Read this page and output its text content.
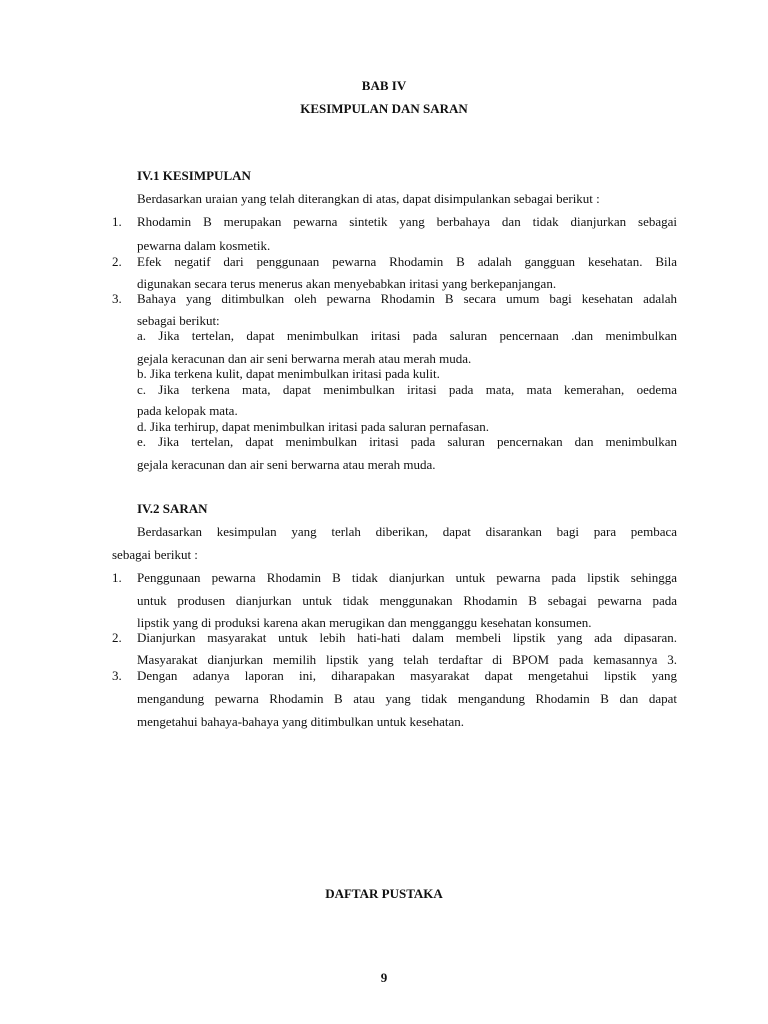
BAB IV
KESIMPULAN DAN SARAN
IV.1 KESIMPULAN
Berdasarkan uraian yang telah diterangkan di atas, dapat disimpulankan sebagai berikut :
1. Rhodamin B merupakan pewarna sintetik yang berbahaya dan tidak dianjurkan sebagai
pewarna dalam kosmetik.
2. Efek negatif dari penggunaan pewarna Rhodamin B adalah gangguan kesehatan. Bila
digunakan secara terus menerus akan menyebabkan iritasi yang berkepanjangan.
3. Bahaya yang ditimbulkan oleh pewarna Rhodamin B secara umum bagi kesehatan adalah
sebagai berikut:
a. Jika tertelan, dapat menimbulkan iritasi pada saluran pencernaan .dan menimbulkan
gejala keracunan dan air seni berwarna merah atau merah muda.
b. Jika terkena kulit, dapat menimbulkan iritasi pada kulit.
c. Jika terkena mata, dapat menimbulkan iritasi pada mata, mata kemerahan, oedema
pada kelopak mata.
d. Jika terhirup, dapat menimbulkan iritasi pada saluran pernafasan.
e. Jika tertelan, dapat menimbulkan iritasi pada saluran pencernakan dan menimbulkan
gejala keracunan dan air seni berwarna atau merah muda.
IV.2 SARAN
Berdasarkan kesimpulan yang terlah diberikan, dapat disarankan bagi para pembaca
sebagai berikut :
1. Penggunaan pewarna Rhodamin B tidak dianjurkan untuk pewarna pada lipstik sehingga
untuk produsen dianjurkan untuk tidak menggunakan Rhodamin B sebagai pewarna pada
lipstik yang di produksi karena akan merugikan dan mengganggu kesehatan konsumen.
2. Dianjurkan masyarakat untuk lebih hati-hati dalam membeli lipstik yang ada dipasaran.
Masyarakat dianjurkan memilih lipstik yang telah terdaftar di BPOM pada kemasannya 3.
3. Dengan adanya laporan ini, diharapakan masyarakat dapat mengetahui lipstik yang
mengandung pewarna Rhodamin B atau yang tidak mengandung Rhodamin B dan dapat
mengetahui bahaya-bahaya yang ditimbulkan untuk kesehatan.
DAFTAR PUSTAKA
9
